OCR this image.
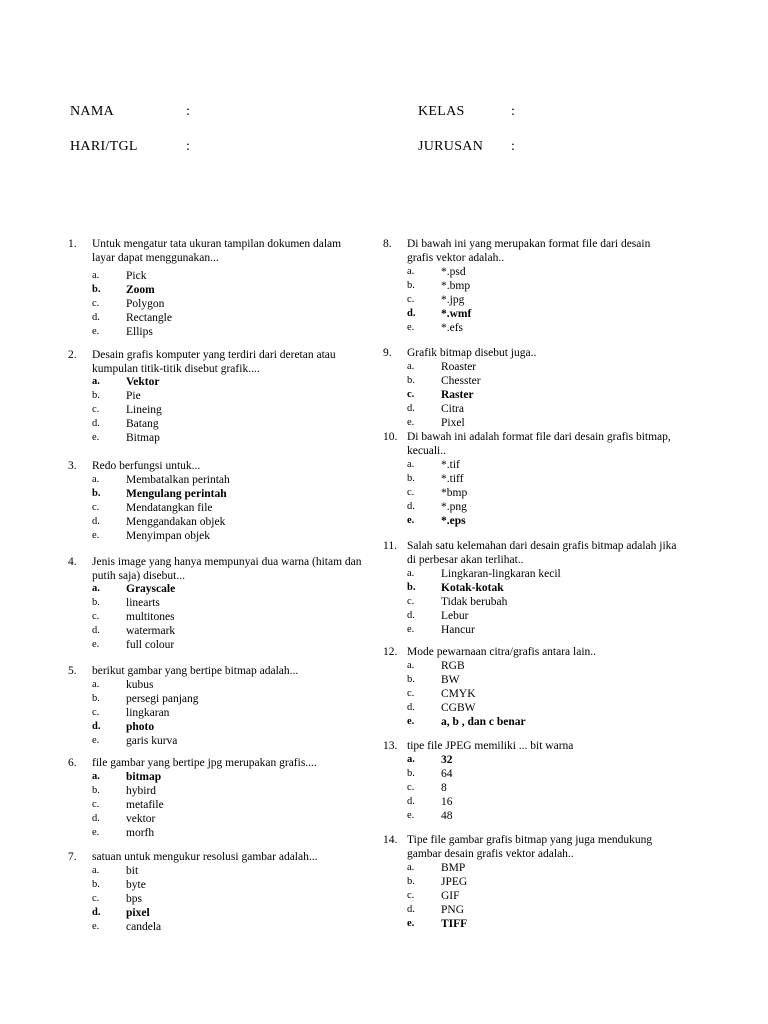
NAMA	:	KELAS	:
HARI/TGL	:	JURUSAN :
1. Untuk mengatur tata ukuran tampilan dokumen dalam layar dapat menggunakan...
a. Pick
b. Zoom
c. Polygon
d. Rectangle
e. Ellips
2. Desain grafis komputer yang terdiri dari deretan atau kumpulan titik-titik disebut grafik....
a. Vektor
b. Pie
c. Lineing
d. Batang
e. Bitmap
3. Redo berfungsi untuk...
a. Membatalkan perintah
b. Mengulang perintah
c. Mendatangkan file
d. Menggandakan objek
e. Menyimpan objek
4. Jenis image yang hanya mempunyai dua warna (hitam dan putih saja) disebut...
a. Grayscale
b. linearts
c. multitones
d. watermark
e. full colour
5. berikut gambar yang bertipe bitmap adalah...
a. kubus
b. persegi panjang
c. lingkaran
d. photo
e. garis kurva
6. file gambar yang bertipe jpg merupakan grafis....
a. bitmap
b. hybird
c. metafile
d. vektor
e. morfh
7. satuan untuk mengukur resolusi gambar adalah...
a. bit
b. byte
c. bps
d. pixel
e. candela
8. Di bawah ini yang merupakan format file dari desain grafis vektor adalah..
a. *.psd
b. *.bmp
c. *.jpg
d. *.wmf
e. *.efs
9. Grafik bitmap disebut juga..
a. Roaster
b. Chesster
c. Raster
d. Citra
e. Pixel
10. Di bawah ini adalah format file dari desain grafis bitmap, kecuali..
a. *.tif
b. *.tiff
c. *bmp
d. *.png
e. *.eps
11. Salah satu kelemahan dari desain grafis bitmap adalah jika di perbesar akan terlihat..
a. Lingkaran-lingkaran kecil
b. Kotak-kotak
c. Tidak berubah
d. Lebur
e. Hancur
12. Mode pewarnaan citra/grafis antara lain..
a. RGB
b. BW
c. CMYK
d. CGBW
e. a, b , dan c benar
13. tipe file JPEG memiliki ... bit warna
a. 32
b. 64
c. 8
d. 16
e. 48
14. Tipe file gambar grafis bitmap yang juga mendukung gambar desain grafis vektor adalah..
a. BMP
b. JPEG
c. GIF
d. PNG
e. TIFF
